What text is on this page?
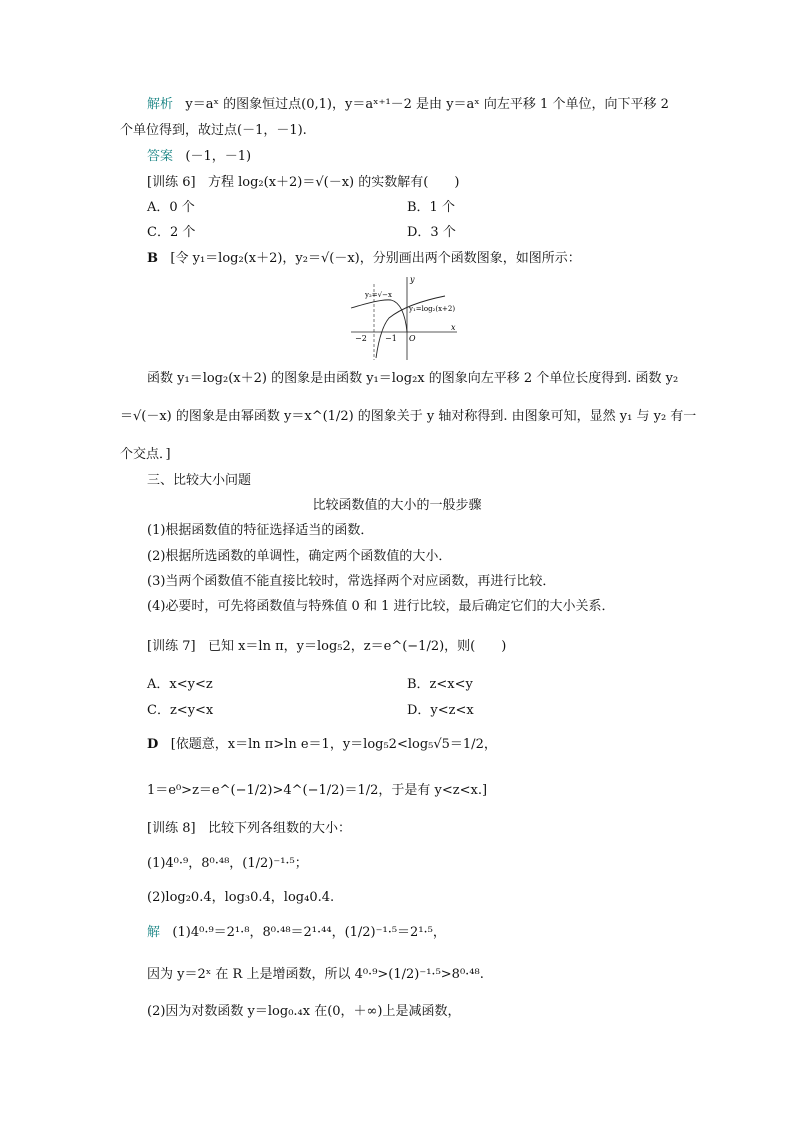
解析 y＝aˣ 的图象恒过点(0,1)，y＝aˣ⁺¹－2 是由 y＝aˣ 向左平移 1 个单位，向下平移 2
个单位得到，故过点(－1，－1).
答案 (－1，－1)
[训练 6] 方程 log₂(x＋2)＝√(－x) 的实数解有(　　)
A．0 个	B．1 个
C．2 个	D．3 个
B [令 y₁＝log₂(x＋2)，y₂＝√(－x)，分别画出两个函数图象，如图所示：
y
x
O
−2 −1
y₂=√−x
y₁=log₂(x+2)
函数 y₁＝log₂(x＋2) 的图象是由函数 y₁＝log₂x 的图象向左平移 2 个单位长度得到. 函数 y₂
＝√(－x) 的图象是由幂函数 y＝x^(1/2) 的图象关于 y 轴对称得到. 由图象可知，显然 y₁ 与 y₂ 有一
个交点．]
三、比较大小问题
比较函数值的大小的一般步骤
(1)根据函数值的特征选择适当的函数．
(2)根据所选函数的单调性，确定两个函数值的大小．
(3)当两个函数值不能直接比较时，常选择两个对应函数，再进行比较．
(4)必要时，可先将函数值与特殊值 0 和 1 进行比较，最后确定它们的大小关系．
[训练 7] 已知 x＝ln π，y＝log₅2，z＝e^(−1/2)，则(　　)
A．x<y<z	B．z<x<y
C．z<y<x	D．y<z<x
D [依题意，x＝ln π>ln e＝1，y＝log₅2<log₅√5＝1/2，
1＝e⁰>z＝e^(−1/2)>4^(−1/2)＝1/2，于是有 y<z<x.]
[训练 8] 比较下列各组数的大小：
(1)4⁰·⁹，8⁰·⁴⁸，(1/2)⁻¹·⁵；
(2)log₂0.4，log₃0.4，log₄0.4.
解 (1)4⁰·⁹＝2¹·⁸，8⁰·⁴⁸＝2¹·⁴⁴，(1/2)⁻¹·⁵＝2¹·⁵，
因为 y＝2ˣ 在 R 上是增函数，所以 4⁰·⁹>(1/2)⁻¹·⁵>8⁰·⁴⁸.
(2)因为对数函数 y＝log₀.₄x 在(0，＋∞)上是减函数，
